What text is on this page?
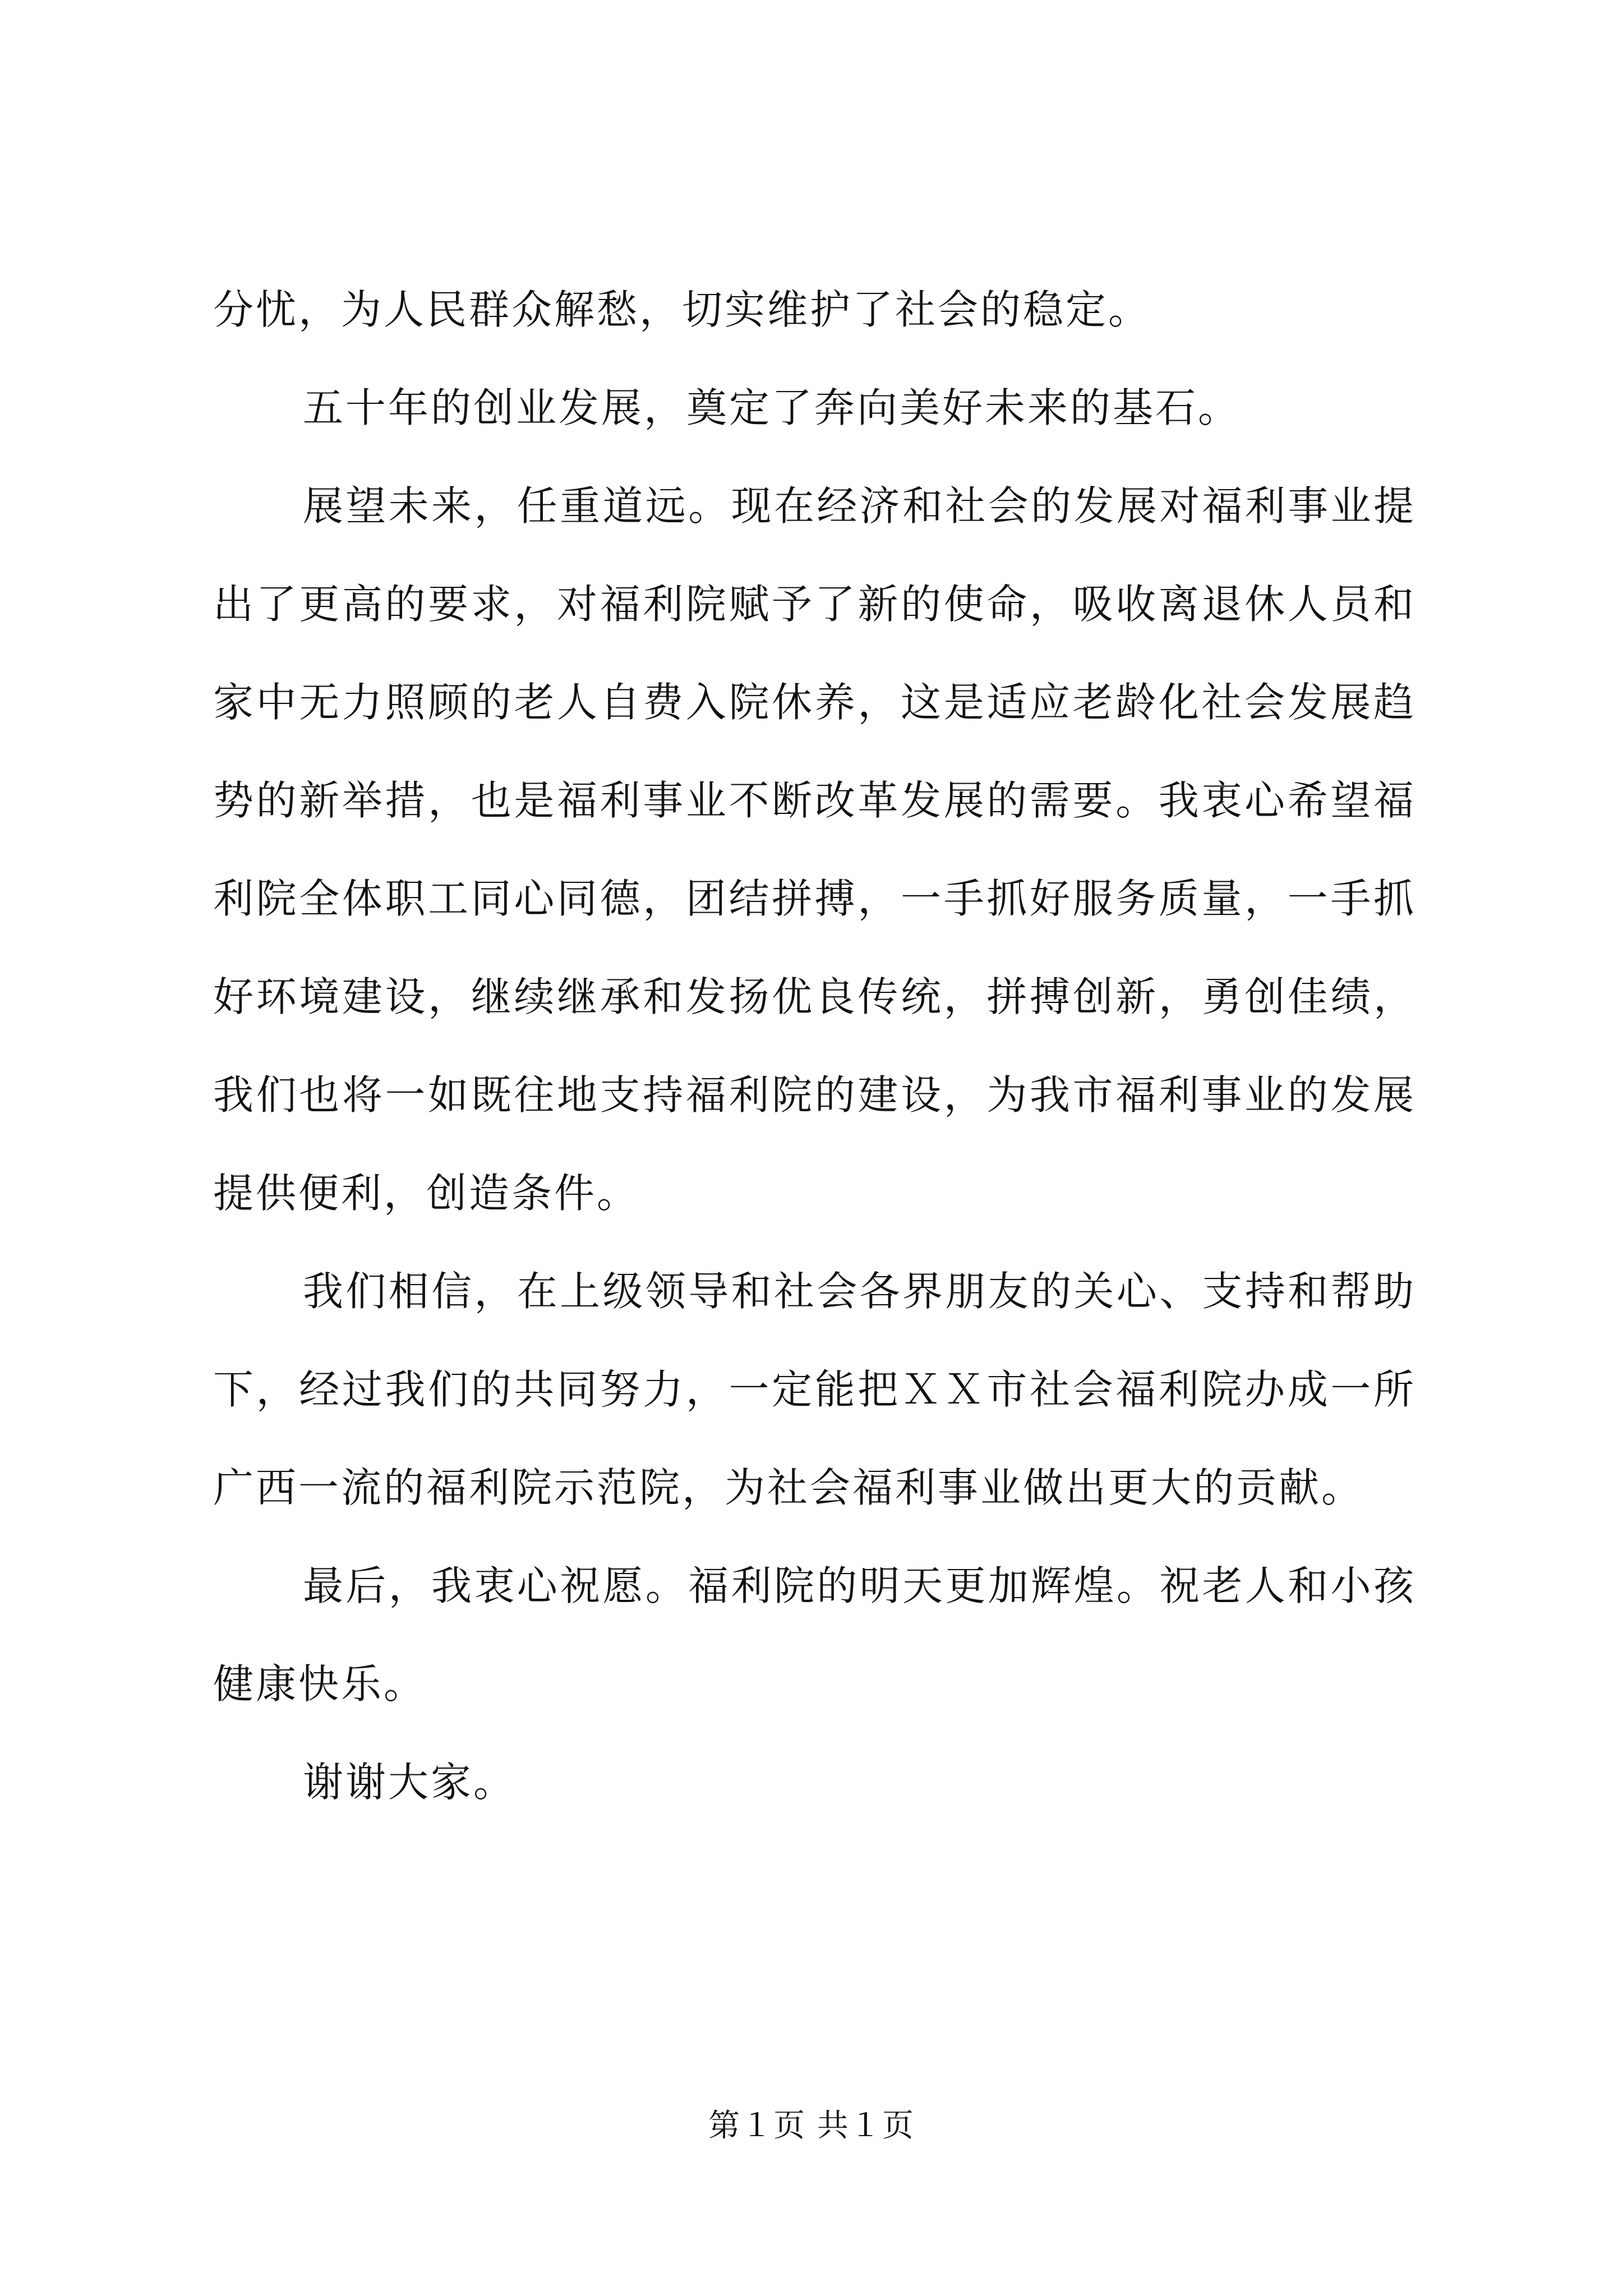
分忧，为人民群众解愁，切实维护了社会的稳定。

五十年的创业发展，奠定了奔向美好未来的基石。

展望未来，任重道远。现在经济和社会的发展对福利事业提出了更高的要求，对福利院赋予了新的使命，吸收离退休人员和家中无力照顾的老人自费入院休养，这是适应老龄化社会发展趋势的新举措，也是福利事业不断改革发展的需要。我衷心希望福利院全体职工同心同德，团结拼搏，一手抓好服务质量，一手抓好环境建设，继续继承和发扬优良传统，拼搏创新，勇创佳绩，我们也将一如既往地支持福利院的建设，为我市福利事业的发展提供便利，创造条件。

我们相信，在上级领导和社会各界朋友的关心、支持和帮助下，经过我们的共同努力，一定能把ＸＸ市社会福利院办成一所广西一流的福利院示范院，为社会福利事业做出更大的贡献。

最后，我衷心祝愿。福利院的明天更加辉煌。祝老人和小孩健康快乐。

谢谢大家。

第１页 共１页
